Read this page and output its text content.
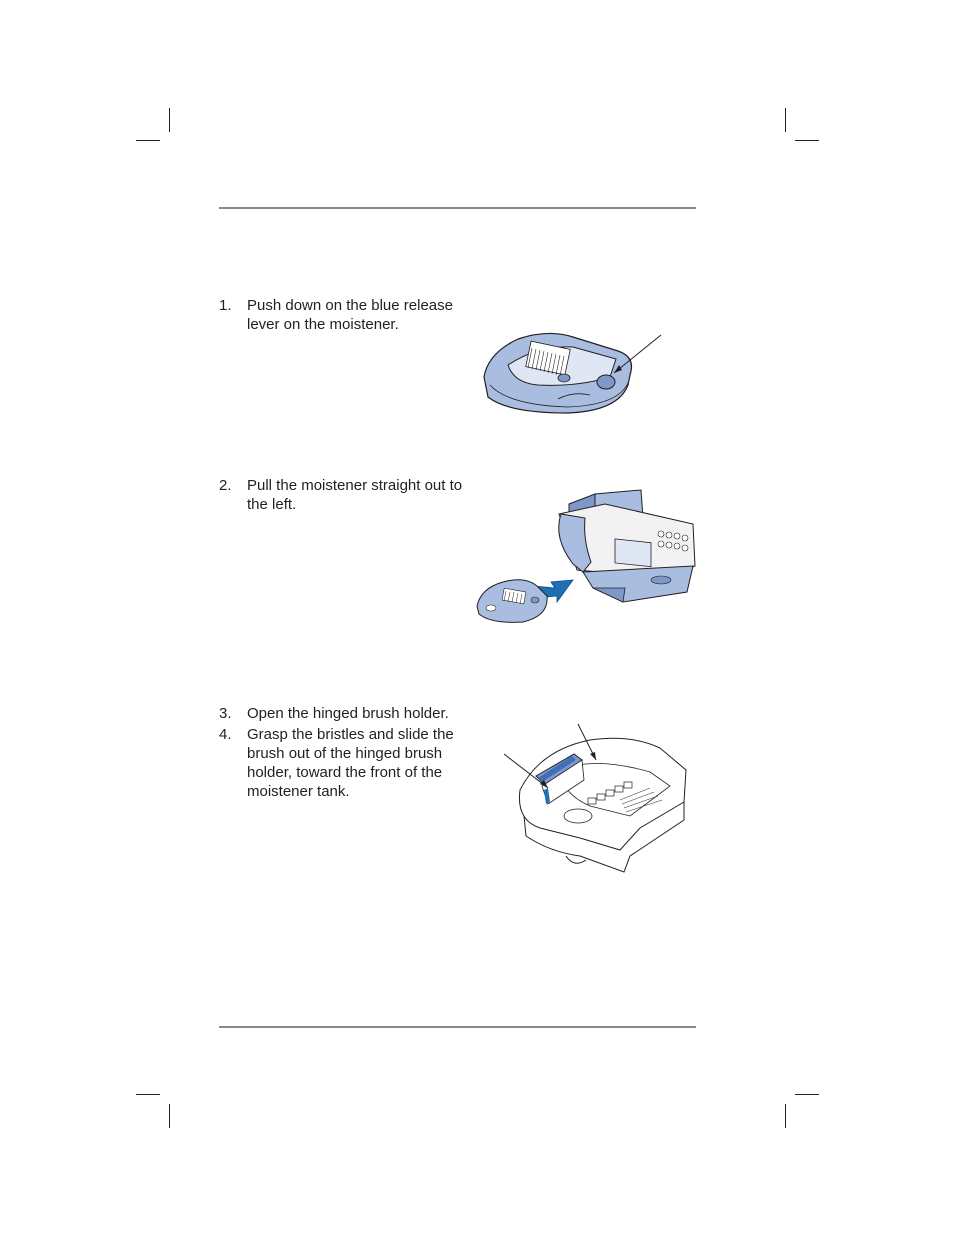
1. Push down on the blue release lever on the moistener.
2. Pull the moistener straight out to the left.
3. Open the hinged brush holder.
4. Grasp the bristles and slide the brush out of the hinged brush holder, toward the front of the moistener tank.
